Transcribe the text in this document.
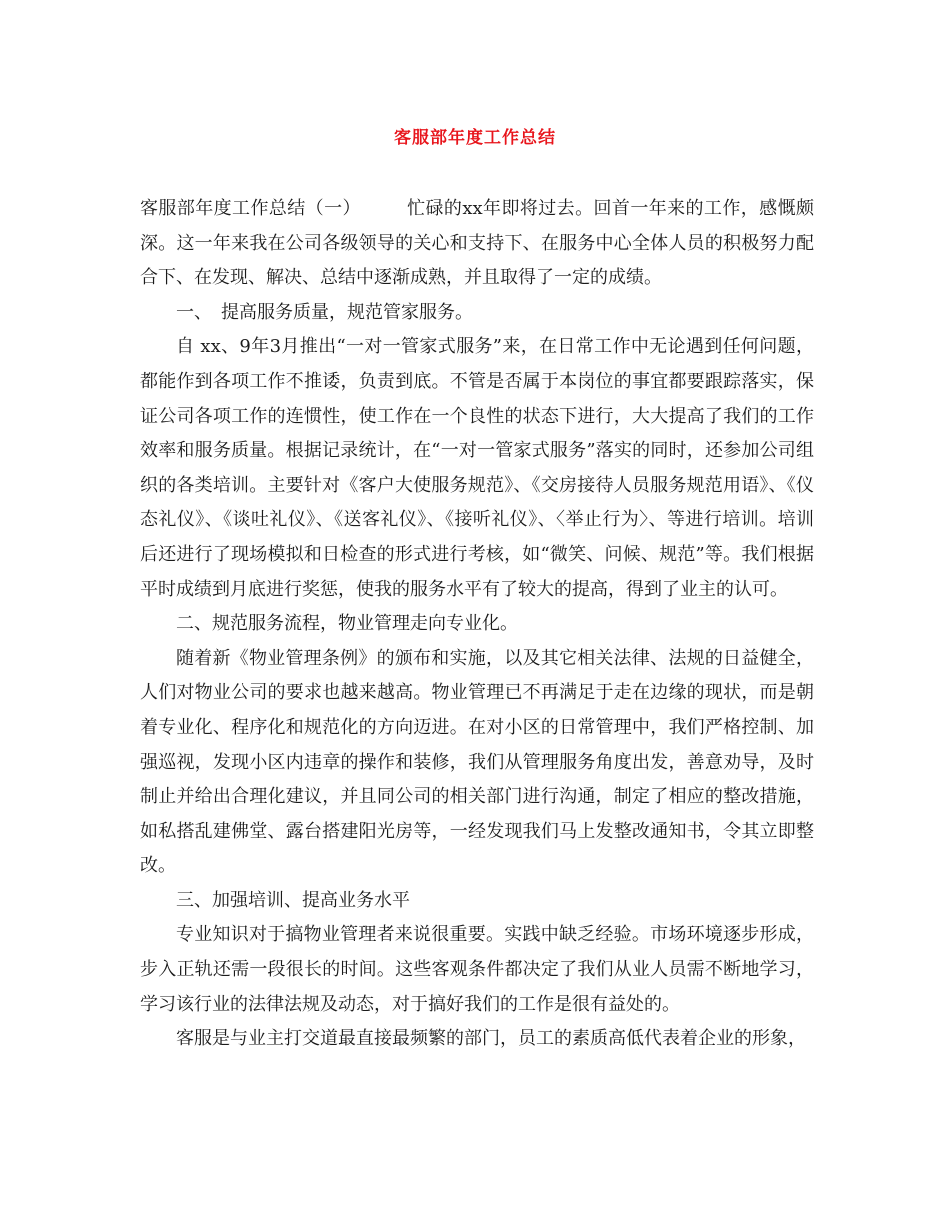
客服部年度工作总结

客服部年度工作总结（一）　　　忙碌的xx年即将过去。回首一年来的工作，感慨颇深。这一年来我在公司各级领导的关心和支持下、在服务中心全体人员的积极努力配合下、在发现、解决、总结中逐渐成熟，并且取得了一定的成绩。

一、　提高服务质量，规范管家服务。

自 xx、9年3月推出“一对一管家式服务”来，在日常工作中无论遇到任何问题，都能作到各项工作不推诿，负责到底。不管是否属于本岗位的事宜都要跟踪落实，保证公司各项工作的连惯性，使工作在一个良性的状态下进行，大大提高了我们的工作效率和服务质量。根据记录统计，在“一对一管家式服务”落实的同时，还参加公司组织的各类培训。主要针对《客户大使服务规范》、《交房接待人员服务规范用语》、《仪态礼仪》、《谈吐礼仪》、《送客礼仪》、《接听礼仪》、〈举止行为〉、等进行培训。培训后还进行了现场模拟和日检查的形式进行考核，如“微笑、问候、规范”等。我们根据平时成绩到月底进行奖惩，使我的服务水平有了较大的提高，得到了业主的认可。

二、规范服务流程，物业管理走向专业化。

随着新《物业管理条例》的颁布和实施，以及其它相关法律、法规的日益健全，人们对物业公司的要求也越来越高。物业管理已不再满足于走在边缘的现状，而是朝着专业化、程序化和规范化的方向迈进。在对小区的日常管理中，我们严格控制、加强巡视，发现小区内违章的操作和装修，我们从管理服务角度出发，善意劝导，及时制止并给出合理化建议，并且同公司的相关部门进行沟通，制定了相应的整改措施，如私搭乱建佛堂、露台搭建阳光房等，一经发现我们马上发整改通知书，令其立即整改。

三、加强培训、提高业务水平

专业知识对于搞物业管理者来说很重要。实践中缺乏经验。市场环境逐步形成，步入正轨还需一段很长的时间。这些客观条件都决定了我们从业人员需不断地学习，学习该行业的法律法规及动态，对于搞好我们的工作是很有益处的。

客服是与业主打交道最直接最频繁的部门，员工的素质高低代表着企业的形象，
